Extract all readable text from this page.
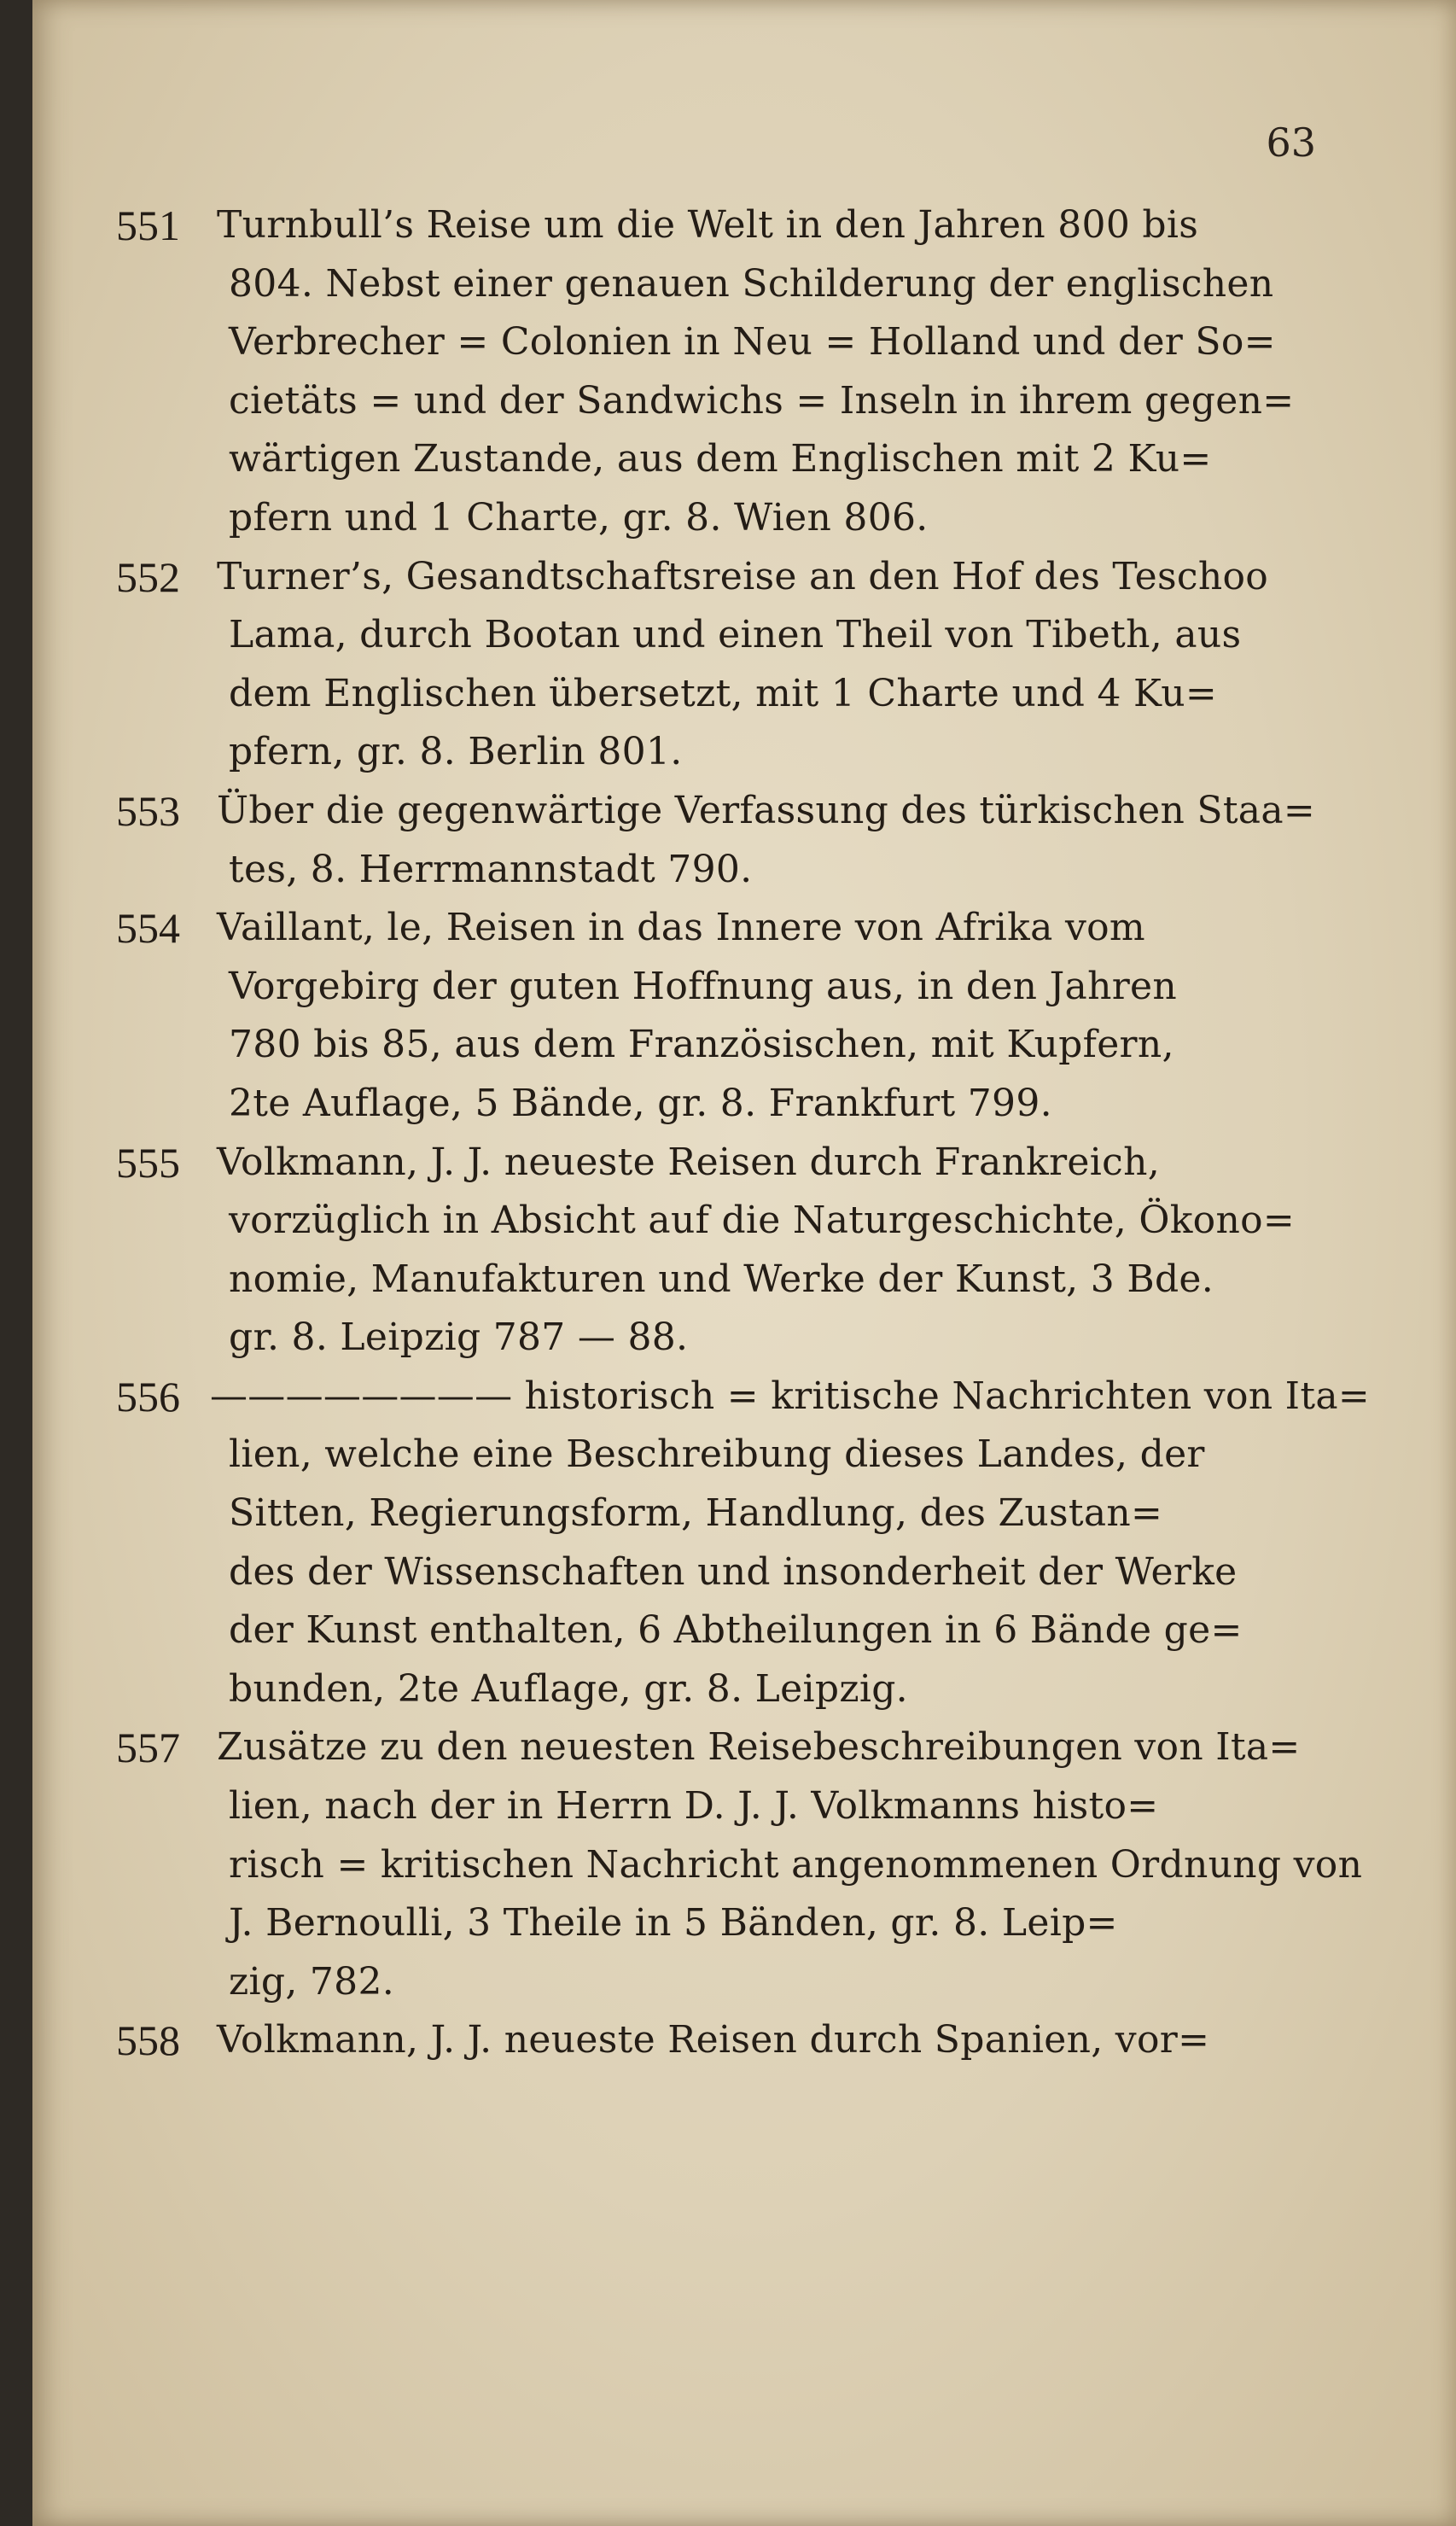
63
551 Turnbull’s Reise um die Welt in den Jahren 800 bis
804. Nebst einer genauen Schilderung der englischen
Verbrecher = Colonien in Neu = Holland und der So=
cietäts = und der Sandwichs = Inseln in ihrem gegen=
wärtigen Zustande, aus dem Englischen mit 2 Ku=
pfern und 1 Charte, gr. 8. Wien 806.
552 Turner’s, Gesandtschaftsreise an den Hof des Teschoo
Lama, durch Bootan und einen Theil von Tibeth, aus
dem Englischen übersetzt, mit 1 Charte und 4 Ku=
pfern, gr. 8. Berlin 801.
553 Über die gegenwärtige Verfassung des türkischen Staa=
tes, 8. Herrmannstadt 790.
554 Vaillant, le, Reisen in das Innere von Afrika vom
Vorgebirg der guten Hoffnung aus, in den Jahren
780 bis 85, aus dem Französischen, mit Kupfern,
2te Auflage, 5 Bände, gr. 8. Frankfurt 799.
555 Volkmann, J. J. neueste Reisen durch Frankreich,
vorzüglich in Absicht auf die Naturgeschichte, Ökono=
nomie, Manufakturen und Werke der Kunst, 3 Bde.
gr. 8. Leipzig 787 — 88.
556 ———————— historisch = kritische Nachrichten von Ita=
lien, welche eine Beschreibung dieses Landes, der
Sitten, Regierungsform, Handlung, des Zustan=
des der Wissenschaften und insonderheit der Werke
der Kunst enthalten, 6 Abtheilungen in 6 Bände ge=
bunden, 2te Auflage, gr. 8. Leipzig.
557 Zusätze zu den neuesten Reisebeschreibungen von Ita=
lien, nach der in Herrn D. J. J. Volkmanns histo=
risch = kritischen Nachricht angenommenen Ordnung von
J. Bernoulli, 3 Theile in 5 Bänden, gr. 8. Leip=
zig, 782.
558 Volkmann, J. J. neueste Reisen durch Spanien, vor=
